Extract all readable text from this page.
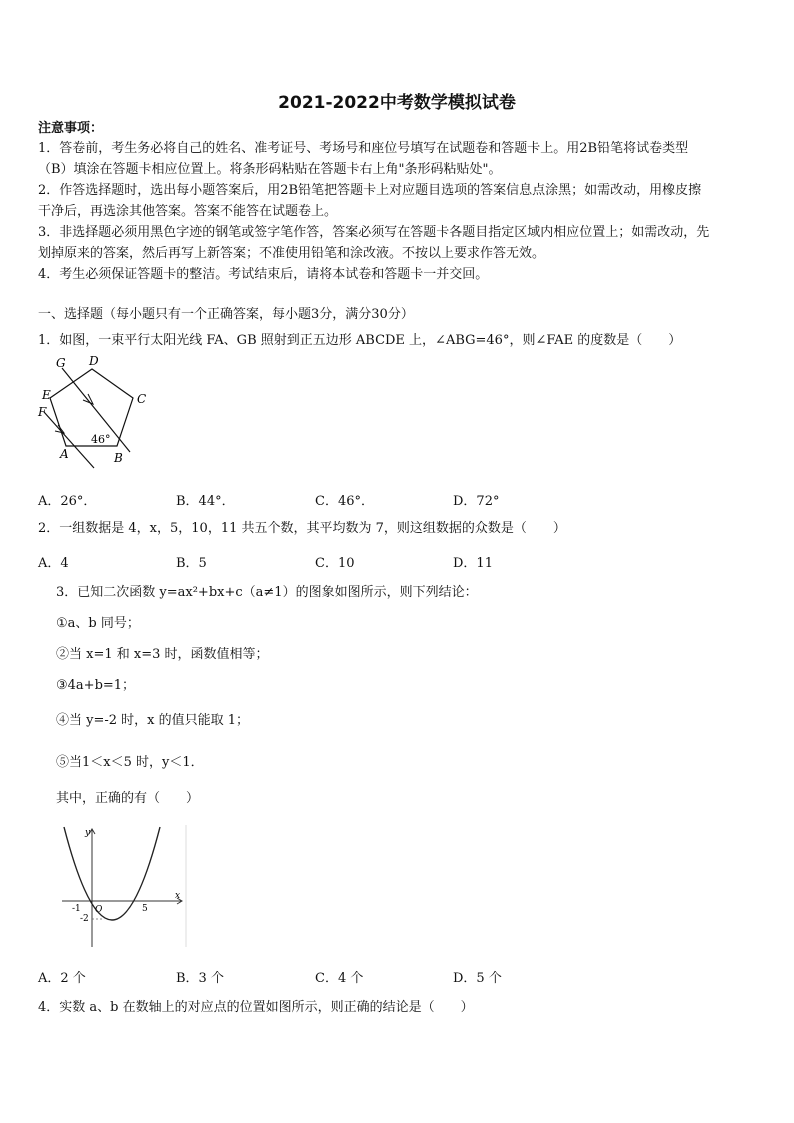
2021-2022中考数学模拟试卷
注意事项：
1．答卷前，考生务必将自己的姓名、准考证号、考场号和座位号填写在试题卷和答题卡上。用2B铅笔将试卷类型
（B）填涂在答题卡相应位置上。将条形码粘贴在答题卡右上角"条形码粘贴处"。
2．作答选择题时，选出每小题答案后，用2B铅笔把答题卡上对应题目选项的答案信息点涂黑；如需改动，用橡皮擦
干净后，再选涂其他答案。答案不能答在试题卷上。
3．非选择题必须用黑色字迹的钢笔或签字笔作答，答案必须写在答题卡各题目指定区域内相应位置上；如需改动，先
划掉原来的答案，然后再写上新答案；不准使用铅笔和涂改液。不按以上要求作答无效。
4．考生必须保证答题卡的整洁。考试结束后，请将本试卷和答题卡一并交回。
一、选择题（每小题只有一个正确答案，每小题3分，满分30分）
1．如图，一束平行太阳光线 FA、GB 照射到正五边形 ABCDE 上，∠ABG=46°，则∠FAE 的度数是（　　）
G D
C
E
F
A	B
46°
A．26°．	B．44°．	C．46°．	D．72°
2．一组数据是 4，x，5，10，11 共五个数，其平均数为 7，则这组数据的众数是（　　）
A．4	B．5	C．10	D．11
3．已知二次函数 y=ax²+bx+c（a≠1）的图象如图所示，则下列结论：
①a、b 同号；
②当 x=1 和 x=3 时，函数值相等；
③4a+b=1；
④当 y=-2 时，x 的值只能取 1；
⑤当1＜x＜5 时，y＜1．
其中，正确的有（　　）
y
x
O
-1	5
-2
A．2 个	B．3 个	C．4 个	D．5 个
4．实数 a、b 在数轴上的对应点的位置如图所示，则正确的结论是（　　）
